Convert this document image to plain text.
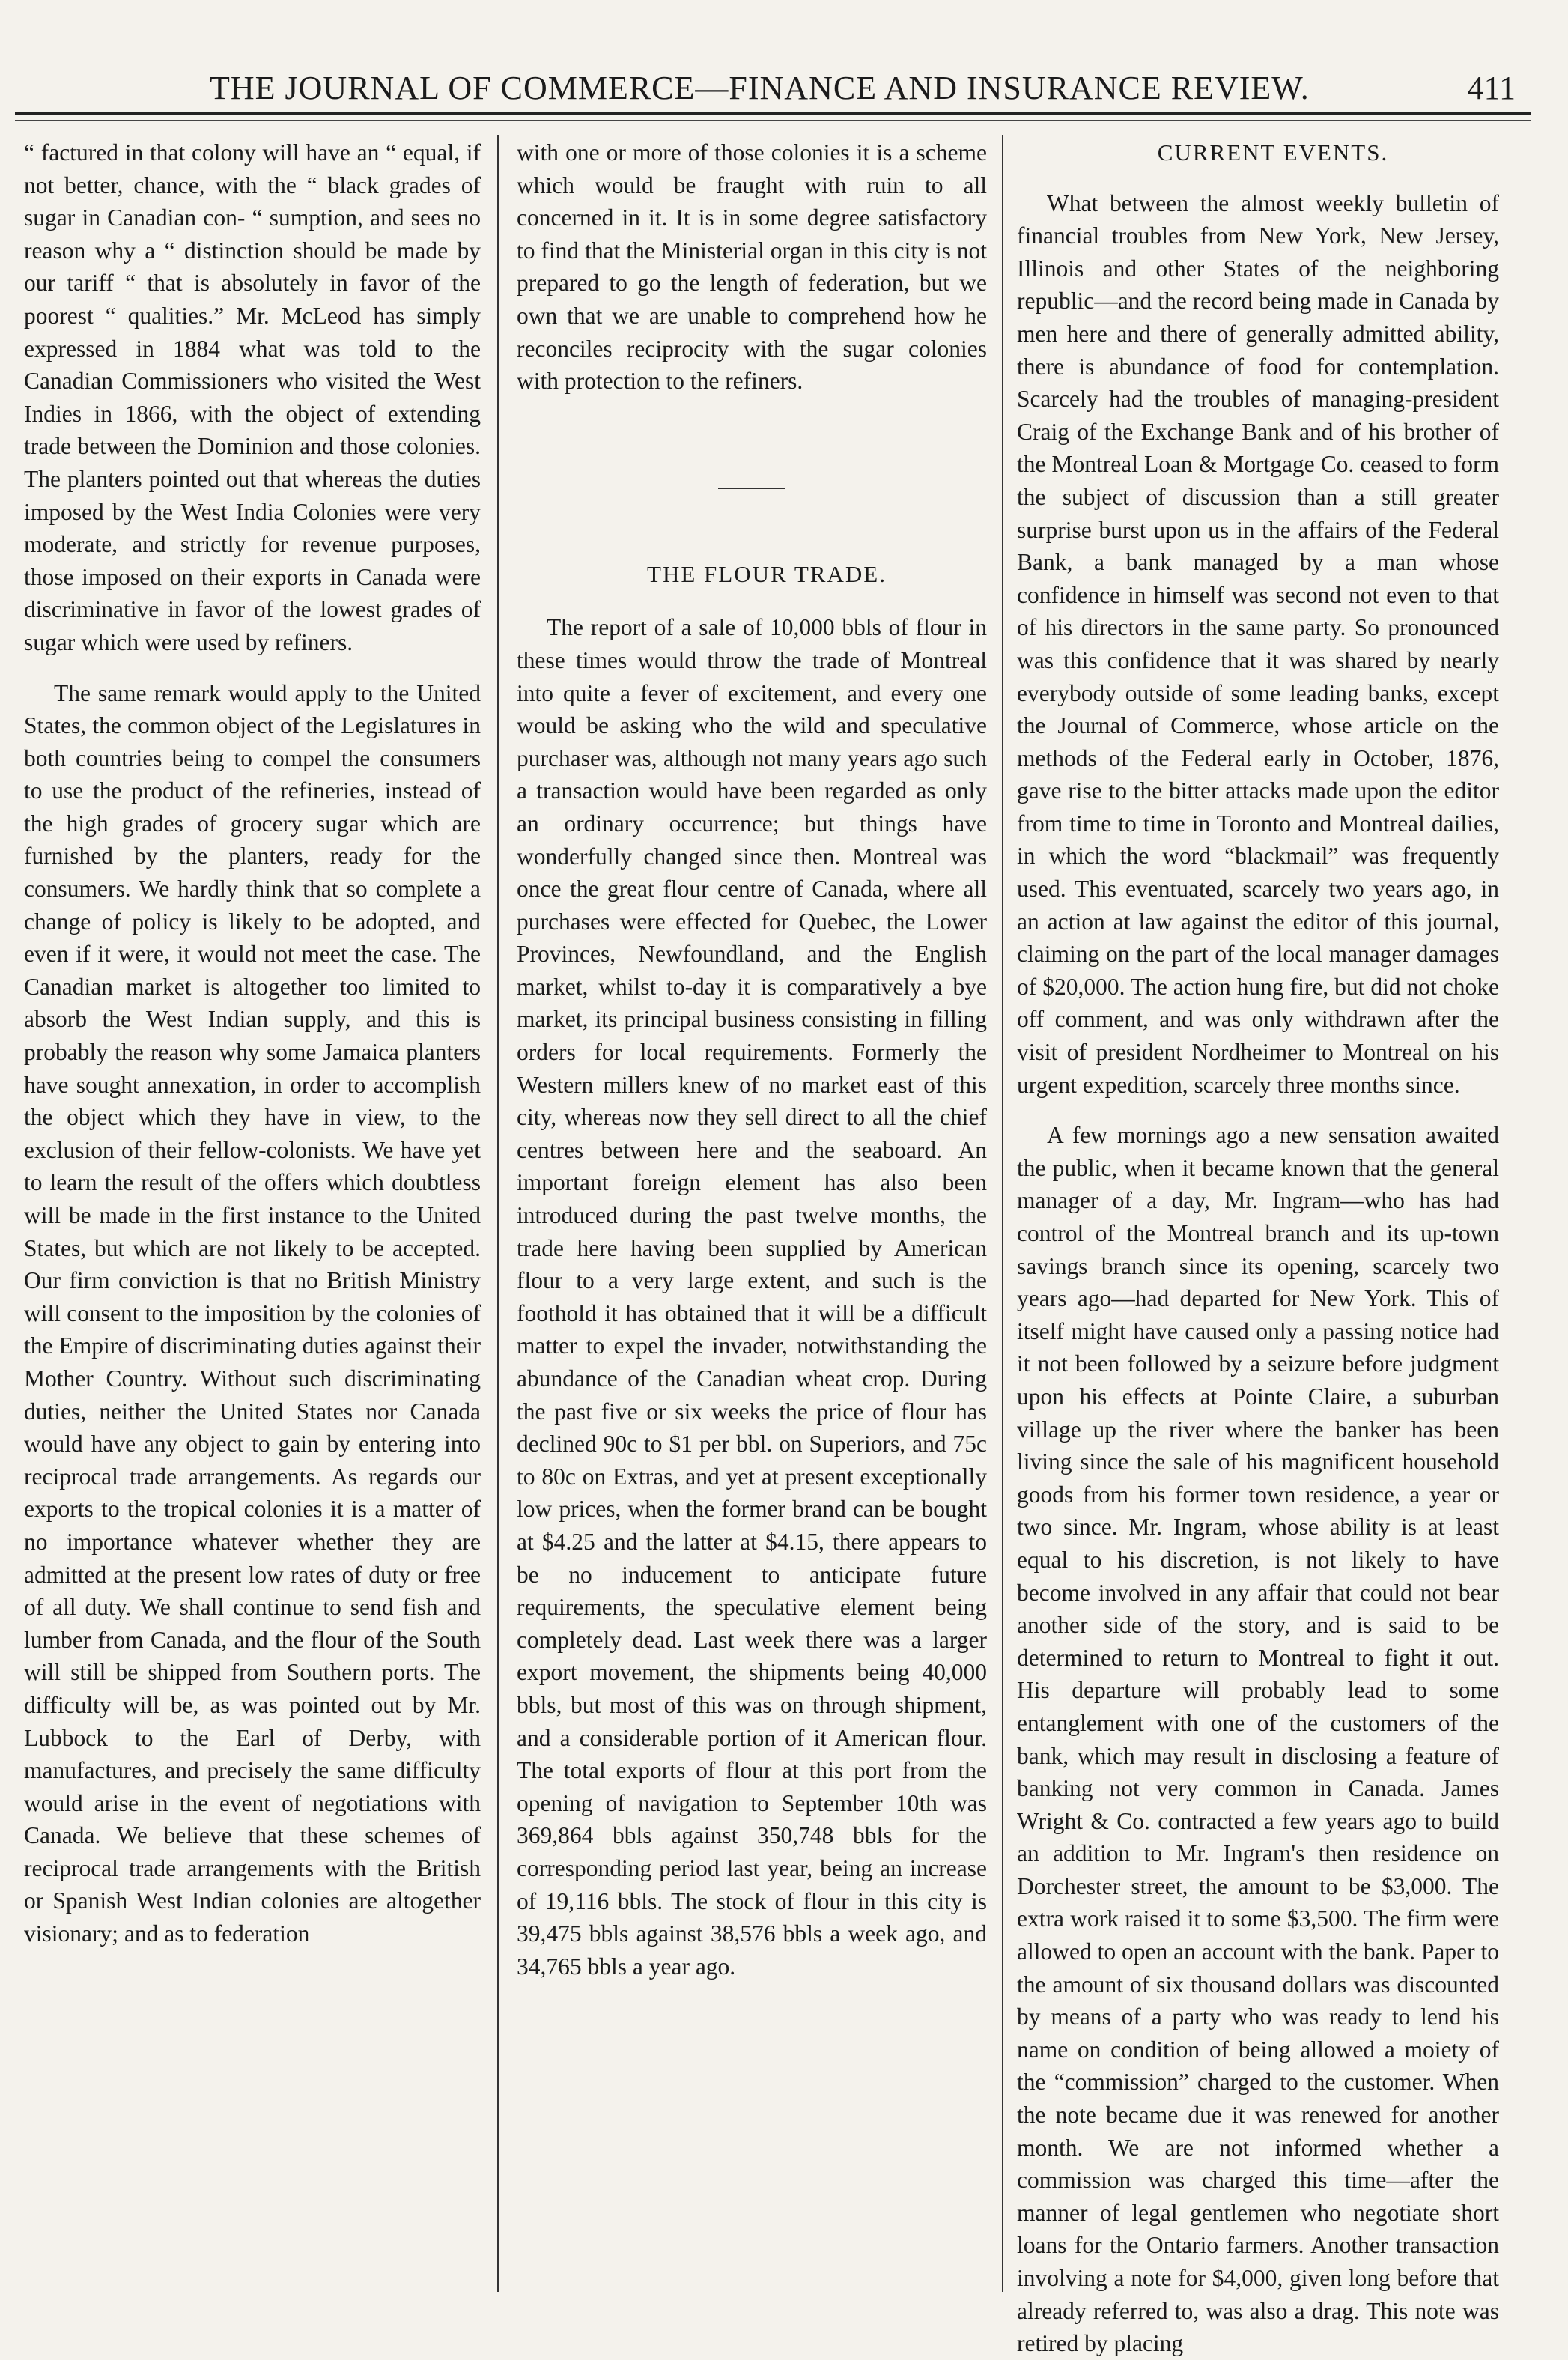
THE JOURNAL OF COMMERCE—FINANCE AND INSURANCE REVIEW.	411

“ factured in that colony will have an “ equal, if not better, chance, with the “ black grades of sugar in Canadian con- “ sumption, and sees no reason why a “ distinction should be made by our tariff “ that is absolutely in favor of the poorest “ qualities.” Mr. McLeod has simply expressed in 1884 what was told to the Canadian Commissioners who visited the West Indies in 1866, with the object of extending trade between the Dominion and those colonies. The planters pointed out that whereas the duties imposed by the West India Colonies were very moderate, and strictly for revenue purposes, those imposed on their exports in Canada were discriminative in favor of the lowest grades of sugar which were used by refiners.

The same remark would apply to the United States, the common object of the Legislatures in both countries being to compel the consumers to use the product of the refineries, instead of the high grades of grocery sugar which are furnished by the planters, ready for the consumers. We hardly think that so complete a change of policy is likely to be adopted, and even if it were, it would not meet the case. The Canadian market is altogether too limited to absorb the West Indian supply, and this is probably the reason why some Jamaica planters have sought annexation, in order to accomplish the object which they have in view, to the exclusion of their fellow-colonists. We have yet to learn the result of the offers which doubtless will be made in the first instance to the United States, but which are not likely to be accepted. Our firm conviction is that no British Ministry will consent to the imposition by the colonies of the Empire of discriminating duties against their Mother Country. Without such discriminating duties, neither the United States nor Canada would have any object to gain by entering into reciprocal trade arrangements. As regards our exports to the tropical colonies it is a matter of no importance whatever whether they are admitted at the present low rates of duty or free of all duty. We shall continue to send fish and lumber from Canada, and the flour of the South will still be shipped from Southern ports. The difficulty will be, as was pointed out by Mr. Lubbock to the Earl of Derby, with manufactures, and precisely the same difficulty would arise in the event of negotiations with Canada. We believe that these schemes of reciprocal trade arrangements with the British or Spanish West Indian colonies are altogether visionary; and as to federation

with one or more of those colonies it is a scheme which would be fraught with ruin to all concerned in it. It is in some degree satisfactory to find that the Ministerial organ in this city is not prepared to go the length of federation, but we own that we are unable to comprehend how he reconciles reciprocity with the sugar colonies with protection to the refiners.

THE FLOUR TRADE.

The report of a sale of 10,000 bbls of flour in these times would throw the trade of Montreal into quite a fever of excitement, and every one would be asking who the wild and speculative purchaser was, although not many years ago such a transaction would have been regarded as only an ordinary occurrence; but things have wonderfully changed since then. Montreal was once the great flour centre of Canada, where all purchases were effected for Quebec, the Lower Provinces, Newfoundland, and the English market, whilst to-day it is comparatively a bye market, its principal business consisting in filling orders for local requirements. Formerly the Western millers knew of no market east of this city, whereas now they sell direct to all the chief centres between here and the seaboard. An important foreign element has also been introduced during the past twelve months, the trade here having been supplied by American flour to a very large extent, and such is the foothold it has obtained that it will be a difficult matter to expel the invader, notwithstanding the abundance of the Canadian wheat crop. During the past five or six weeks the price of flour has declined 90c to $1 per bbl. on Superiors, and 75c to 80c on Extras, and yet at present exceptionally low prices, when the former brand can be bought at $4.25 and the latter at $4.15, there appears to be no inducement to anticipate future requirements, the speculative element being completely dead. Last week there was a larger export movement, the shipments being 40,000 bbls, but most of this was on through shipment, and a considerable portion of it American flour. The total exports of flour at this port from the opening of navigation to September 10th was 369,864 bbls against 350,748 bbls for the corresponding period last year, being an increase of 19,116 bbls. The stock of flour in this city is 39,475 bbls against 38,576 bbls a week ago, and 34,765 bbls a year ago.

CURRENT EVENTS.

What between the almost weekly bulletin of financial troubles from New York, New Jersey, Illinois and other States of the neighboring republic—and the record being made in Canada by men here and there of generally admitted ability, there is abundance of food for contemplation. Scarcely had the troubles of managing-president Craig of the Exchange Bank and of his brother of the Montreal Loan & Mortgage Co. ceased to form the subject of discussion than a still greater surprise burst upon us in the affairs of the Federal Bank, a bank managed by a man whose confidence in himself was second not even to that of his directors in the same party. So pronounced was this confidence that it was shared by nearly everybody outside of some leading banks, except the Journal of Commerce, whose article on the methods of the Federal early in October, 1876, gave rise to the bitter attacks made upon the editor from time to time in Toronto and Montreal dailies, in which the word “blackmail” was frequently used. This eventuated, scarcely two years ago, in an action at law against the editor of this journal, claiming on the part of the local manager damages of $20,000. The action hung fire, but did not choke off comment, and was only withdrawn after the visit of president Nordheimer to Montreal on his urgent expedition, scarcely three months since.

A few mornings ago a new sensation awaited the public, when it became known that the general manager of a day, Mr. Ingram—who has had control of the Montreal branch and its up-town savings branch since its opening, scarcely two years ago—had departed for New York. This of itself might have caused only a passing notice had it not been followed by a seizure before judgment upon his effects at Pointe Claire, a suburban village up the river where the banker has been living since the sale of his magnificent household goods from his former town residence, a year or two since. Mr. Ingram, whose ability is at least equal to his discretion, is not likely to have become involved in any affair that could not bear another side of the story, and is said to be determined to return to Montreal to fight it out. His departure will probably lead to some entanglement with one of the customers of the bank, which may result in disclosing a feature of banking not very common in Canada. James Wright & Co. contracted a few years ago to build an addition to Mr. Ingram's then residence on Dorchester street, the amount to be $3,000. The extra work raised it to some $3,500. The firm were allowed to open an account with the bank. Paper to the amount of six thousand dollars was discounted by means of a party who was ready to lend his name on condition of being allowed a moiety of the “commission” charged to the customer. When the note became due it was renewed for another month. We are not informed whether a commission was charged this time—after the manner of legal gentlemen who negotiate short loans for the Ontario farmers. Another transaction involving a note for $4,000, given long before that already referred to, was also a drag. This note was retired by placing
